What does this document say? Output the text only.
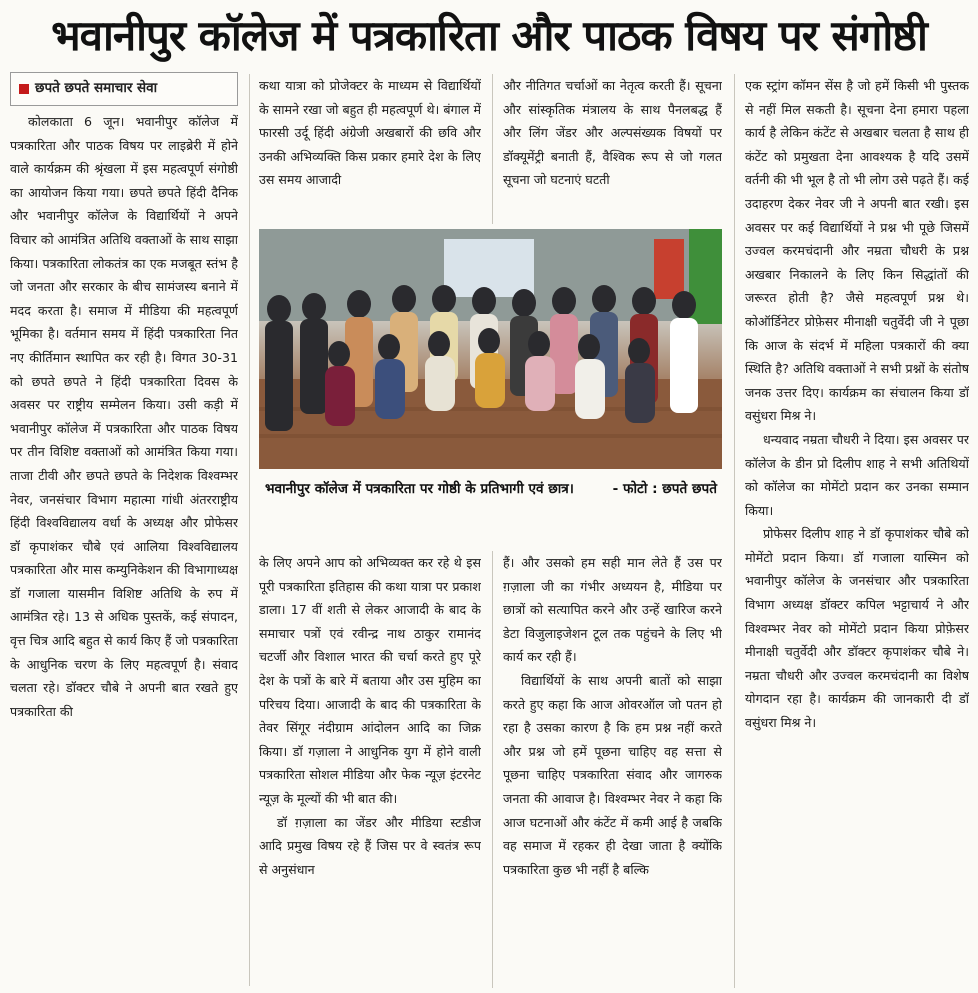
भवानीपुर कॉलेज में पत्रकारिता और पाठक विषय पर संगोष्ठी
छपते छपते समाचार सेवा

कोलकाता 6 जून। भवानीपुर कॉलेज में पत्रकारिता और पाठक विषय पर लाइब्रेरी में होने वाले कार्यक्रम की श्रृंखला में इस महत्वपूर्ण संगोष्ठी का आयोजन किया गया। छपते छपते हिंदी दैनिक और भवानीपुर कॉलेज के विद्यार्थियों ने अपने विचार को आमंत्रित अतिथि वक्ताओं के साथ साझा किया। पत्रकारिता लोकतंत्र का एक मजबूत स्तंभ है जो जनता और सरकार के बीच सामंजस्य बनाने में मदद करता है। समाज में मीडिया की महत्वपूर्ण भूमिका है। वर्तमान समय में हिंदी पत्रकारिता नित नए कीर्तिमान स्थापित कर रही है। विगत 30-31 को छपते छपते ने हिंदी पत्रकारिता दिवस के अवसर पर राष्ट्रीय सम्मेलन किया। उसी कड़ी में भवानीपुर कॉलेज में पत्रकारिता और पाठक विषय पर तीन विशिष्ट वक्ताओं को आमंत्रित किया गया। ताजा टीवी और छपते छपते के निदेशक विश्वम्भर नेवर, जनसंचार विभाग महात्मा गांधी अंतरराष्ट्रीय हिंदी विश्वविद्यालय वर्धा के अध्यक्ष और प्रोफेसर डॉ कृपाशंकर चौबे एवं आलिया विश्वविद्यालय पत्रकारिता और मास कम्युनिकेशन की विभागाध्यक्ष डॉ गजाला यासमीन विशिष्ट अतिथि के रुप में आमंत्रित रहे। 13 से अधिक पुस्तकें, कई संपादन, वृत्त चित्र आदि बहुत से कार्य किए हैं जो पत्रकारिता के आधुनिक चरण के लिए महत्वपूर्ण है। संवाद चलता रहे। डॉक्टर चौबे ने अपनी बात रखते हुए पत्रकारिता की

कथा यात्रा को प्रोजेक्टर के माध्यम से विद्यार्थियों के सामने रखा जो बहुत ही महत्वपूर्ण थे। बंगाल में फारसी उर्दू हिंदी अंग्रेजी अखबारों की छवि और उनकी अभिव्यक्ति किस प्रकार हमारे देश के लिए उस समय आजादी

और नीतिगत चर्चाओं का नेतृत्व करती हैं। सूचना और सांस्कृतिक मंत्रालय के साथ पैनलबद्ध हैं और लिंग जेंडर और अल्पसंख्यक विषयों पर डॉक्यूमेंट्री बनाती हैं, वैश्विक रूप से जो गलत सूचना जो घटनाएं घटती

भवानीपुर कॉलेज में पत्रकारिता पर गोष्ठी के प्रतिभागी एवं छात्र।	- फोटो : छपते छपते

के लिए अपने आप को अभिव्यक्त कर रहे थे इस पूरी पत्रकारिता इतिहास की कथा यात्रा पर प्रकाश डाला। 17 वीं शती से लेकर आजादी के बाद के समाचार पत्रों एवं रवीन्द्र नाथ ठाकुर रामानंद चटर्जी और विशाल भारत की चर्चा करते हुए पूरे देश के पत्रों के बारे में बताया और उस मुहिम का परिचय दिया। आजादी के बाद की पत्रकारिता के तेवर सिंगूर नंदीग्राम आंदोलन आदि का जिक्र किया। डॉ गज़ाला ने आधुनिक युग में होने वाली पत्रकारिता सोशल मीडिया और फेक न्यूज़ इंटरनेट न्यूज़ के मूल्यों की भी बात की।

डॉ ग़ज़ाला का जेंडर और मीडिया स्टडीज आदि प्रमुख विषय रहे हैं जिस पर वे स्वतंत्र रूप से अनुसंधान

हैं। और उसको हम सही मान लेते हैं उस पर ग़ज़ाला जी का गंभीर अध्ययन है, मीडिया पर छात्रों को सत्यापित करने और उन्हें खारिज करने डेटा विजुलाइजेशन टूल तक पहुंचने के लिए भी कार्य कर रही हैं।

विद्यार्थियों के साथ अपनी बातों को साझा करते हुए कहा कि आज ओवरऑल जो पतन हो रहा है उसका कारण है कि हम प्रश्न नहीं करते और प्रश्न जो हमें पूछना चाहिए वह सत्ता से पूछना चाहिए पत्रकारिता संवाद और जागरुक जनता की आवाज है। विश्वम्भर नेवर ने कहा कि आज घटनाओं और कंटेंट में कमी आई है जबकि वह समाज में रहकर ही देखा जाता है क्योंकि पत्रकारिता कुछ भी नहीं है बल्कि

एक स्ट्रांग कॉमन सेंस है जो हमें किसी भी पुस्तक से नहीं मिल सकती है। सूचना देना हमारा पहला कार्य है लेकिन कंटेंट से अखबार चलता है साथ ही कंटेंट को प्रमुखता देना आवश्यक है यदि उसमें वर्तनी की भी भूल है तो भी लोग उसे पढ़ते हैं। कई उदाहरण देकर नेवर जी ने अपनी बात रखी। इस अवसर पर कई विद्यार्थियों ने प्रश्न भी पूछे जिसमें उज्वल करमचंदानी और नम्रता चौधरी के प्रश्न अखबार निकालने के लिए किन सिद्धांतों की जरूरत होती है? जैसे महत्वपूर्ण प्रश्न थे। कोऑर्डिनेटर प्रोफ़ेसर मीनाक्षी चतुर्वेदी जी ने पूछा कि आज के संदर्भ में महिला पत्रकारों की क्या स्थिति है? अतिथि वक्ताओं ने सभी प्रश्नों के संतोष जनक उत्तर दिए। कार्यक्रम का संचालन किया डॉ वसुंधरा मिश्र ने।

धन्यवाद नम्रता चौधरी ने दिया। इस अवसर पर कॉलेज के डीन प्रो दिलीप शाह ने सभी अतिथियों को कॉलेज का मोमेंटो प्रदान कर उनका सम्मान किया।

प्रोफेसर दिलीप शाह ने डॉ कृपाशंकर चौबे को मोमेंटो प्रदान किया। डॉ गजाला यास्मिन को भवानीपुर कॉलेज के जनसंचार और पत्रकारिता विभाग अध्यक्ष डॉक्टर कपिल भट्टाचार्य ने और विश्वम्भर नेवर को मोमेंटो प्रदान किया प्रोफ़ेसर मीनाक्षी चतुर्वेदी और डॉक्टर कृपाशंकर चौबे ने। नम्रता चौधरी और उज्वल करमचंदानी का विशेष योगदान रहा है। कार्यक्रम की जानकारी दी डॉ वसुंधरा मिश्र ने।
